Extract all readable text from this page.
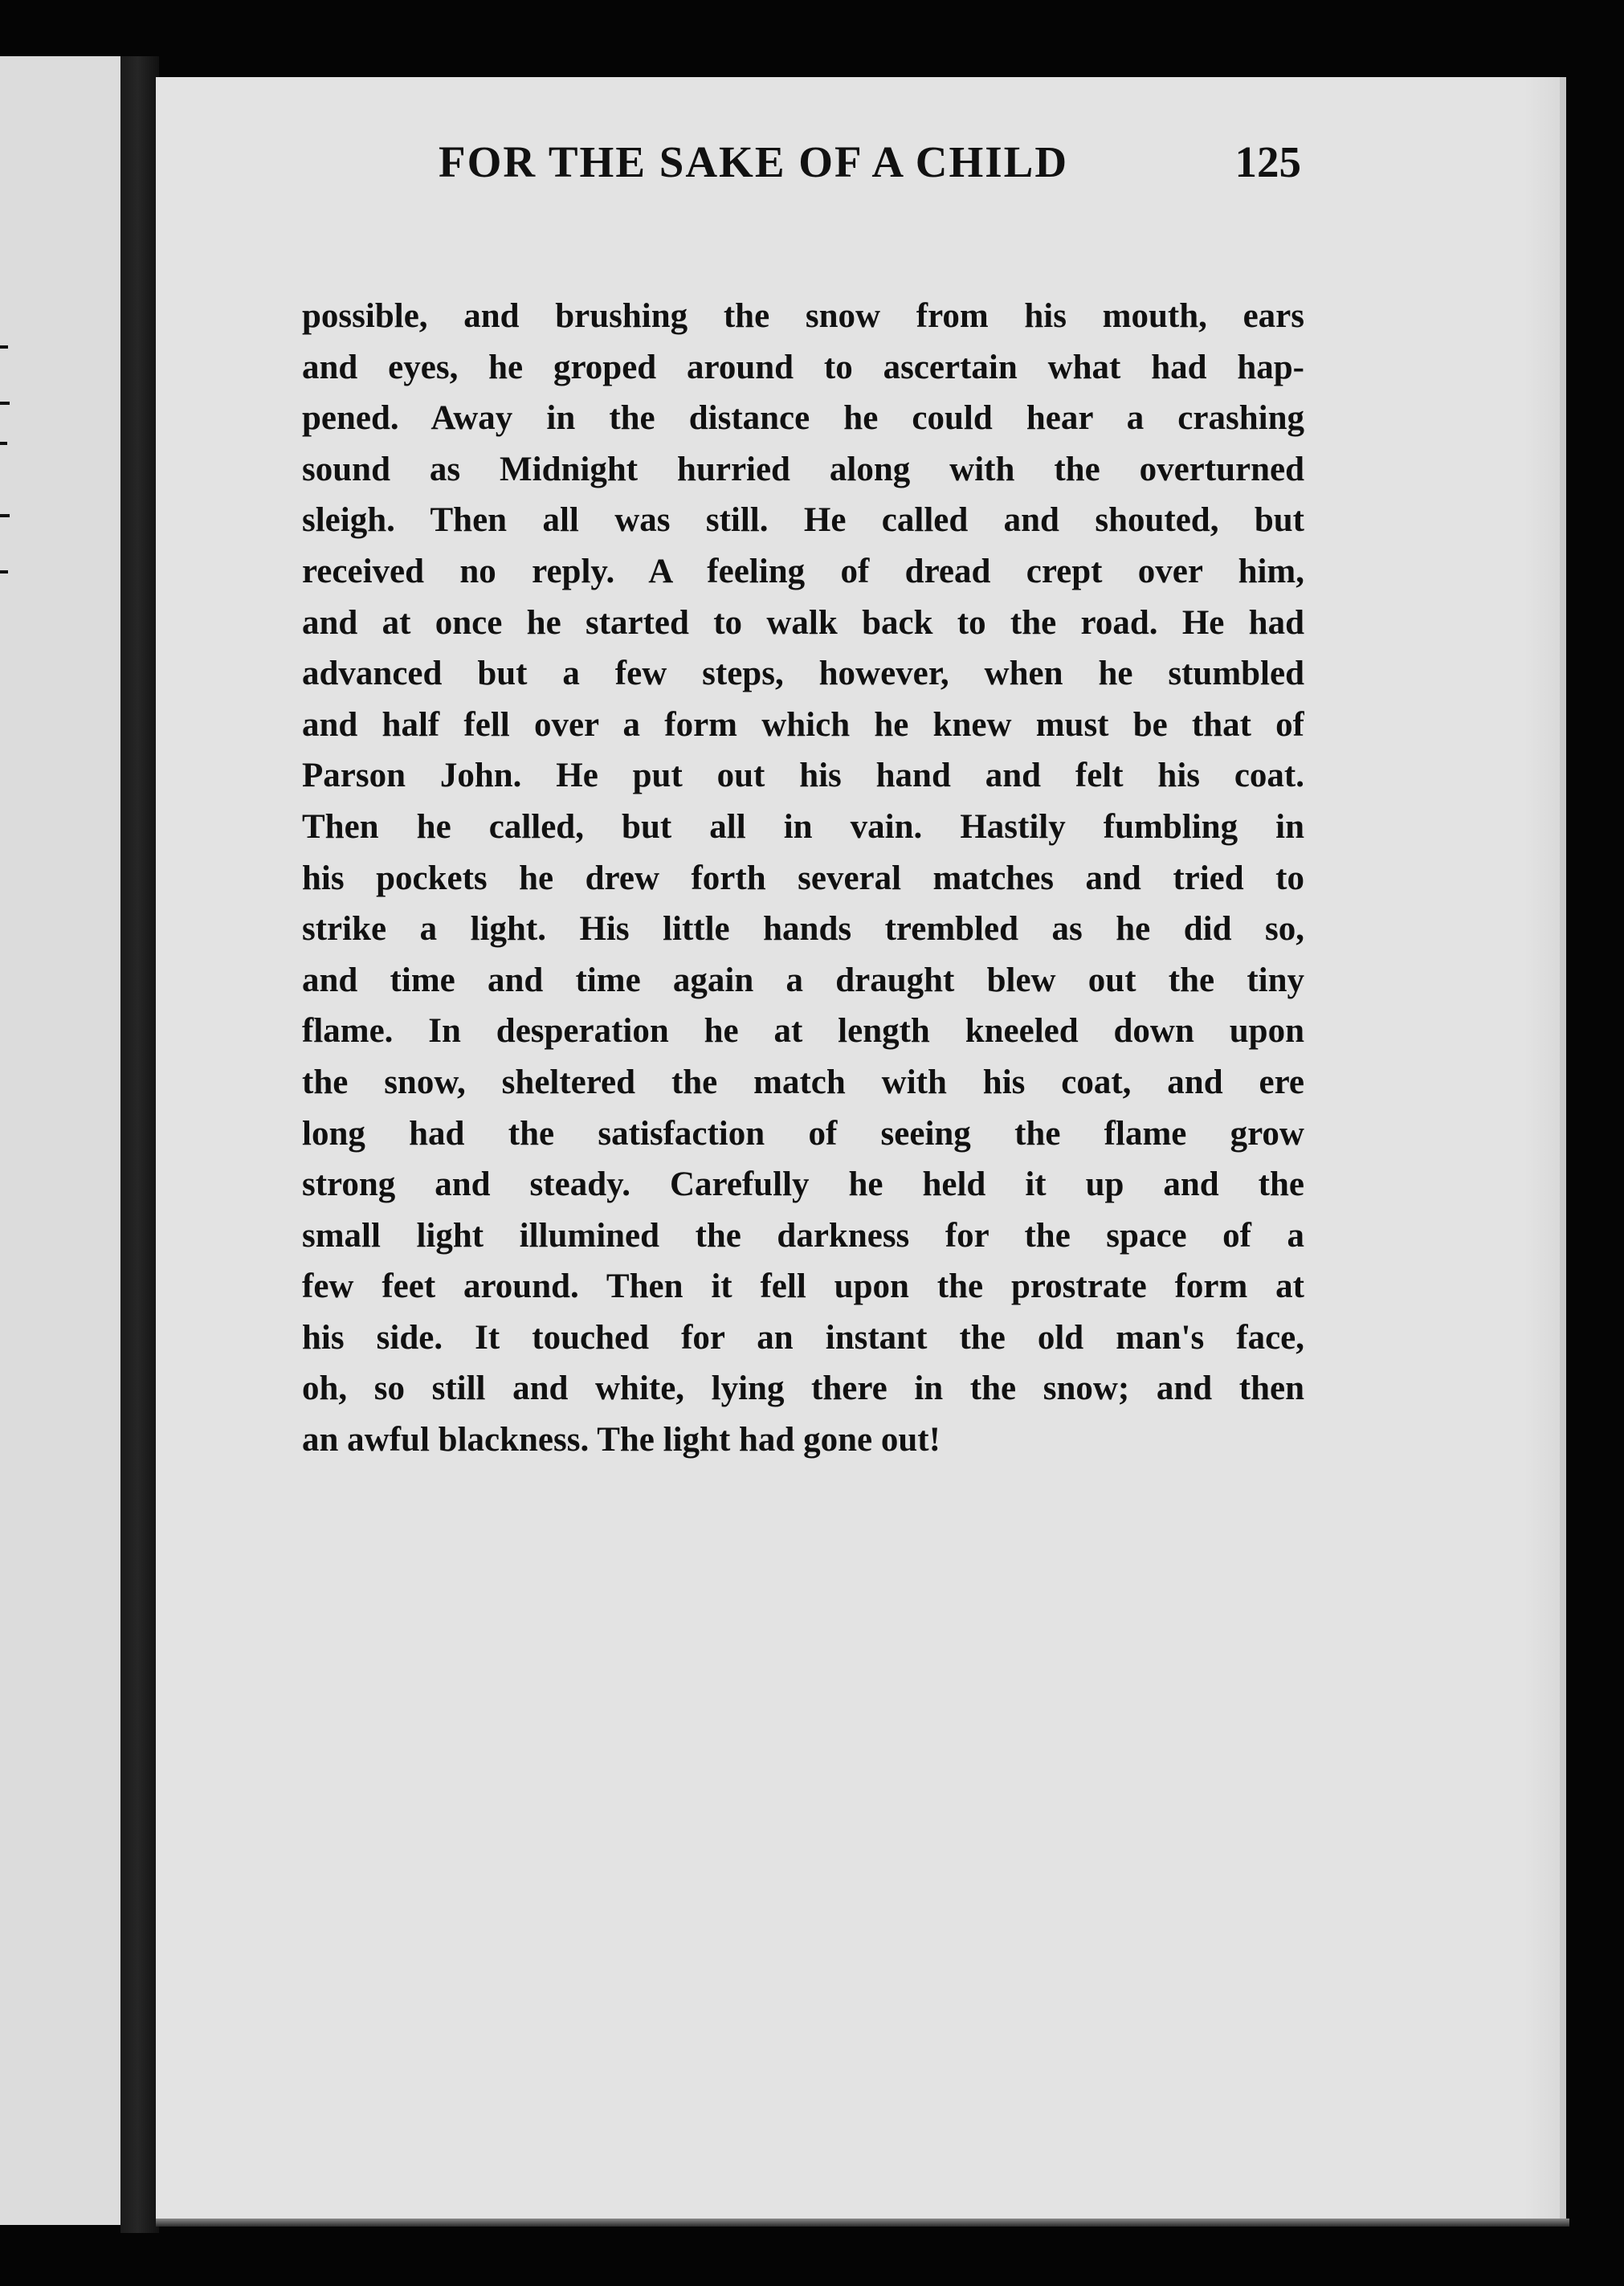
FOR THE SAKE OF A CHILD	125
possible, and brushing the snow from his mouth, ears
and eyes, he groped around to ascertain what had hap-
pened. Away in the distance he could hear a crashing
sound as Midnight hurried along with the overturned
sleigh. Then all was still. He called and shouted, but
received no reply. A feeling of dread crept over him,
and at once he started to walk back to the road. He had
advanced but a few steps, however, when he stumbled
and half fell over a form which he knew must be that of
Parson John. He put out his hand and felt his coat.
Then he called, but all in vain. Hastily fumbling in
his pockets he drew forth several matches and tried to
strike a light. His little hands trembled as he did so,
and time and time again a draught blew out the tiny
flame. In desperation he at length kneeled down upon
the snow, sheltered the match with his coat, and ere
long had the satisfaction of seeing the flame grow
strong and steady. Carefully he held it up and the
small light illumined the darkness for the space of a
few feet around. Then it fell upon the prostrate form at
his side. It touched for an instant the old man's face,
oh, so still and white, lying there in the snow; and then
an awful blackness. The light had gone out!
